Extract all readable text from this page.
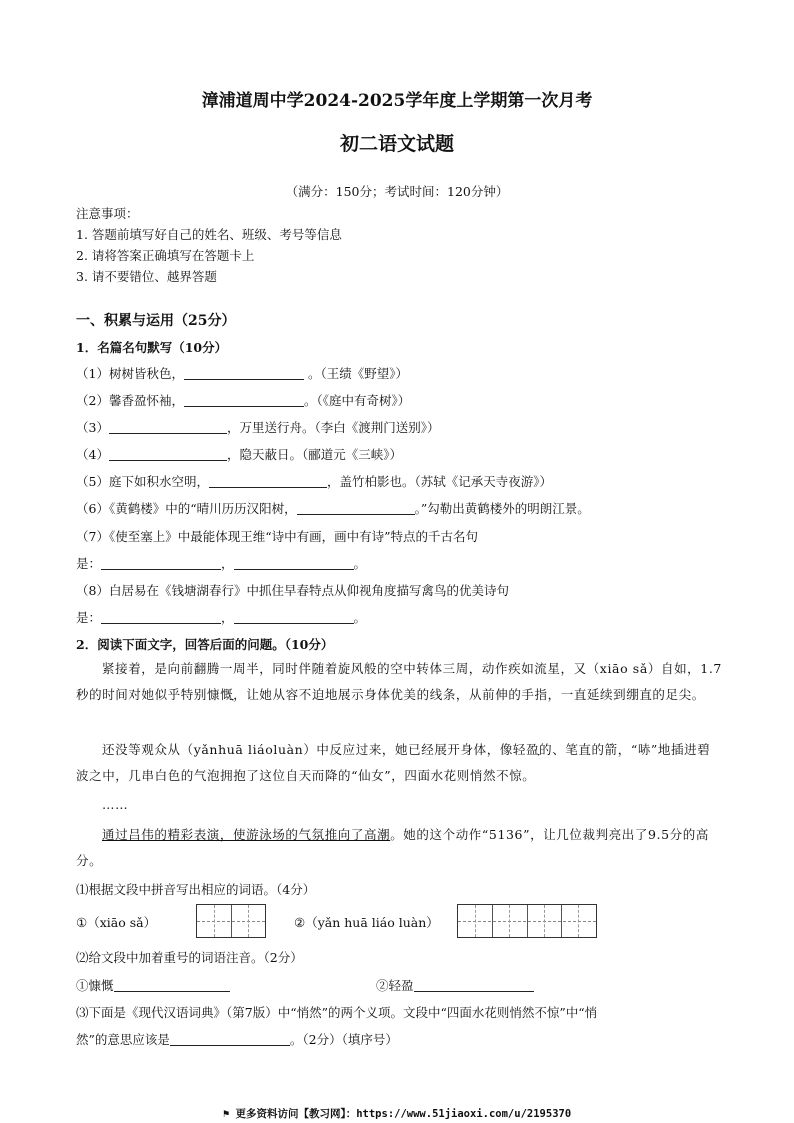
漳浦道周中学2024-2025学年度上学期第一次月考
初二语文试题
（满分：150分；考试时间：120分钟）
注意事项：
1. 答题前填写好自己的姓名、班级、考号等信息
2. 请将答案正确填写在答题卡上
3. 请不要错位、越界答题
一、积累与运用（25分）
1．名篇名句默写（10分）
（1）树树皆秋色，	。（王绩《野望》）
（2）馨香盈怀袖，	。（《庭中有奇树》）
（3）	，万里送行舟。（李白《渡荆门送别》）
（4）	，隐天蔽日。（郦道元《三峡》）
（5）庭下如积水空明，	，盖竹柏影也。（苏轼《记承天寺夜游》）
（6）《黄鹤楼》中的“晴川历历汉阳树，	。”勾勒出黄鹤楼外的明朗江景。
（7）《使至塞上》中最能体现王维“诗中有画，画中有诗”特点的千古名句
是：	，	。
（8）白居易在《钱塘湖春行》中抓住早春特点从仰视角度描写禽鸟的优美诗句
是：	，	。
2．阅读下面文字，回答后面的问题。（10分）
紧接着，是向前翻腾一周半，同时伴随着旋风般的空中转体三周，动作疾如流星，又（xiāo sǎ）自如，1.7秒的时间对她似乎特别慷慨，让她从容不迫地展示身体优美的线条，从前伸的手指，一直延续到绷直的足尖。
还没等观众从（yǎnhuā liáoluàn）中反应过来，她已经展开身体，像轻盈的、笔直的箭，“哧”地插进碧波之中，几串白色的气泡拥抱了这位自天而降的“仙女”，四面水花则悄然不惊。
……
通过吕伟的精彩表演，使游泳场的气氛推向了高潮。她的这个动作“5136”，让几位裁判亮出了9.5分的高分。
⑴根据文段中拼音写出相应的词语。（4分）
①（xiāo sǎ）	②（yǎn huā liáo luàn）
⑵给文段中加着重号的词语注音。（2分）
①慷慨	②轻盈
⑶下面是《现代汉语词典》（第7版）中“悄然”的两个义项。文段中“四面水花则悄然不惊”中“悄
然”的意思应该是	。（2分）（填序号）
⚑ 更多资料访问【教习网】：https://www.51jiaoxi.com/u/2195370
